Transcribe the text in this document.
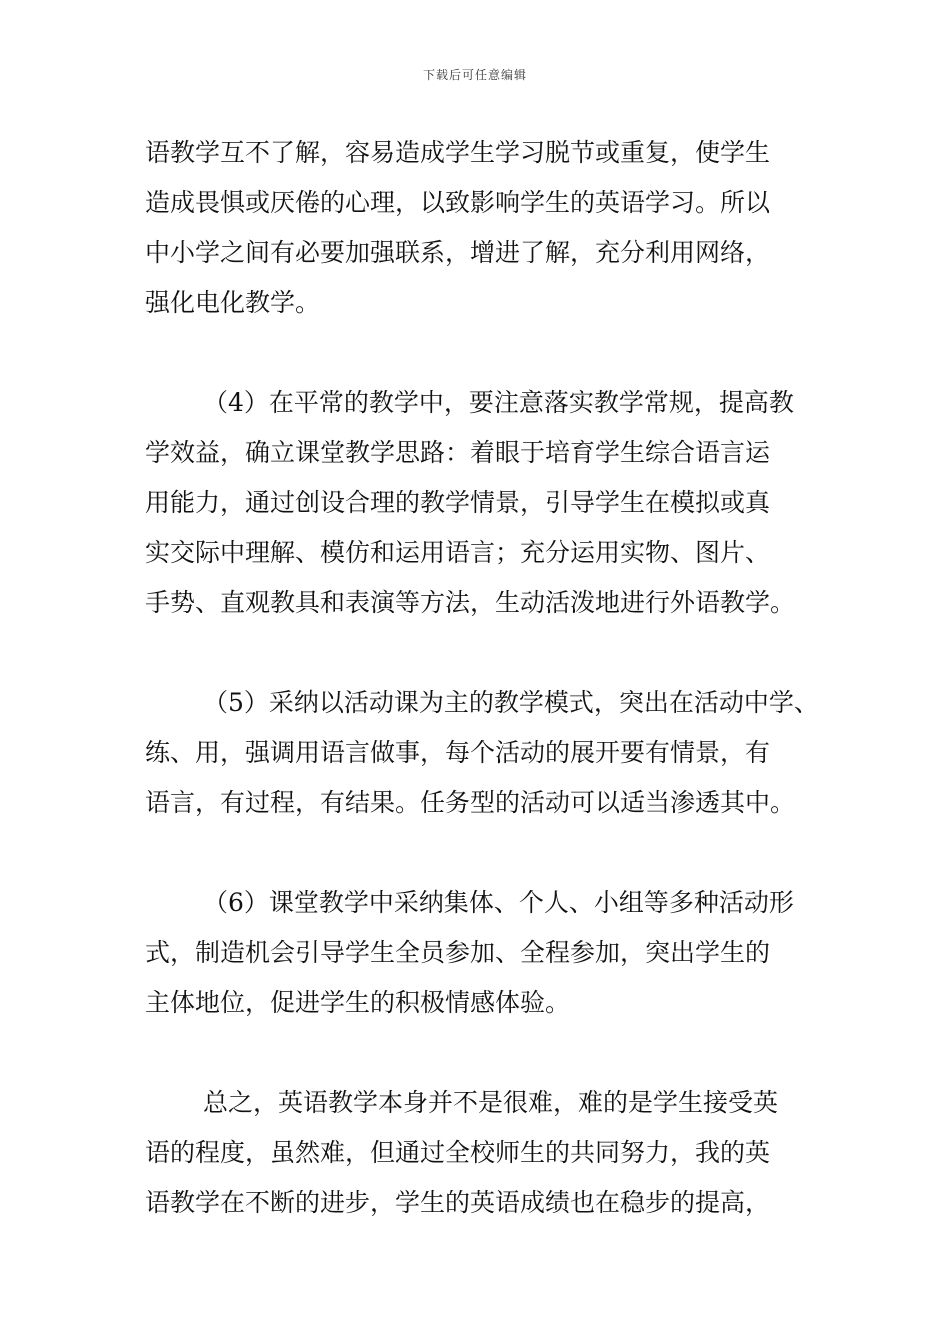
下载后可任意编辑

语教学互不了解，容易造成学生学习脱节或重复，使学生
造成畏惧或厌倦的心理，以致影响学生的英语学习。所以
中小学之间有必要加强联系，增进了解，充分利用网络，
强化电化教学。

（4）在平常的教学中，要注意落实教学常规，提高教
学效益，确立课堂教学思路：着眼于培育学生综合语言运
用能力，通过创设合理的教学情景，引导学生在模拟或真
实交际中理解、模仿和运用语言；充分运用实物、图片、
手势、直观教具和表演等方法，生动活泼地进行外语教学。

（5）采纳以活动课为主的教学模式，突出在活动中学、
练、用，强调用语言做事，每个活动的展开要有情景，有
语言，有过程，有结果。任务型的活动可以适当渗透其中。

（6）课堂教学中采纳集体、个人、小组等多种活动形
式，制造机会引导学生全员参加、全程参加，突出学生的
主体地位，促进学生的积极情感体验。

总之，英语教学本身并不是很难，难的是学生接受英
语的程度，虽然难，但通过全校师生的共同努力，我的英
语教学在不断的进步，学生的英语成绩也在稳步的提高，
